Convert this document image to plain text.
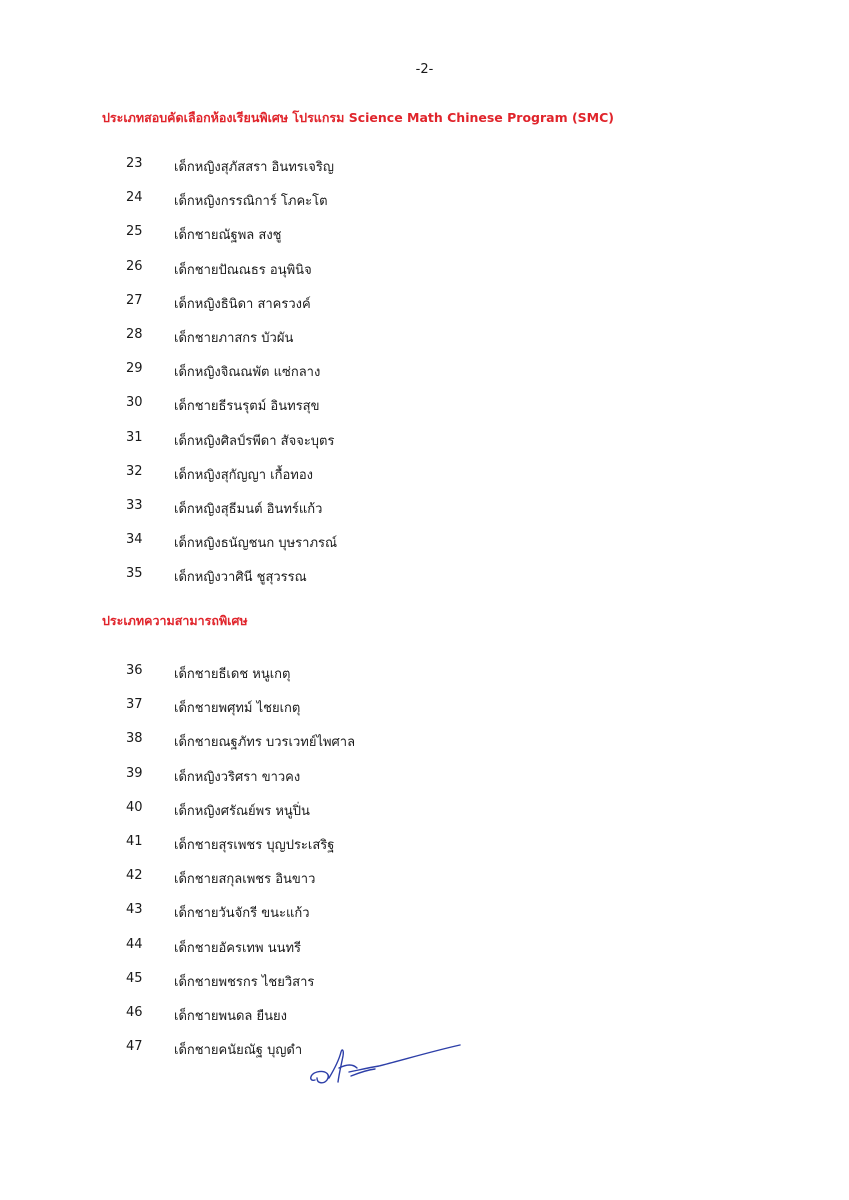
-2-
ประเภทสอบคัดเลือกห้องเรียนพิเศษ โปรแกรม Science Math Chinese Program (SMC)
23	เด็กหญิงสุภัสสรา อินทรเจริญ
24	เด็กหญิงกรรณิการ์ โภคะโต
25	เด็กชายณัฐพล สงชู
26	เด็กชายปัณณธร อนุพินิจ
27	เด็กหญิงธินิดา สาครวงค์
28	เด็กชายภาสกร บัวผัน
29	เด็กหญิงจิณณพัต แซ่กลาง
30	เด็กชายธีรนรุตม์ อินทรสุข
31	เด็กหญิงศิลป์รพีดา สัจจะบุตร
32	เด็กหญิงสุกัญญา เกื้อทอง
33	เด็กหญิงสุธีมนต์ อินทร์แก้ว
34	เด็กหญิงธนัญชนก บุษราภรณ์
35	เด็กหญิงวาศินี ชูสุวรรณ
ประเภทความสามารถพิเศษ
36	เด็กชายธีเดช หนูเกตุ
37	เด็กชายพศุทม์ ไชยเกตุ
38	เด็กชายณฐภัทร บวรเวทย์ไพศาล
39	เด็กหญิงวริศรา ขาวคง
40	เด็กหญิงศรัณย์พร หนูปิ่น
41	เด็กชายสุรเพชร บุญประเสริฐ
42	เด็กชายสกุลเพชร อินขาว
43	เด็กชายวันจักรี ขนะแก้ว
44	เด็กชายอัครเทพ นนทรี
45	เด็กชายพชรกร ไชยวิสาร
46	เด็กชายพนดล ยืนยง
47	เด็กชายคนัยณัฐ บุญดำ
